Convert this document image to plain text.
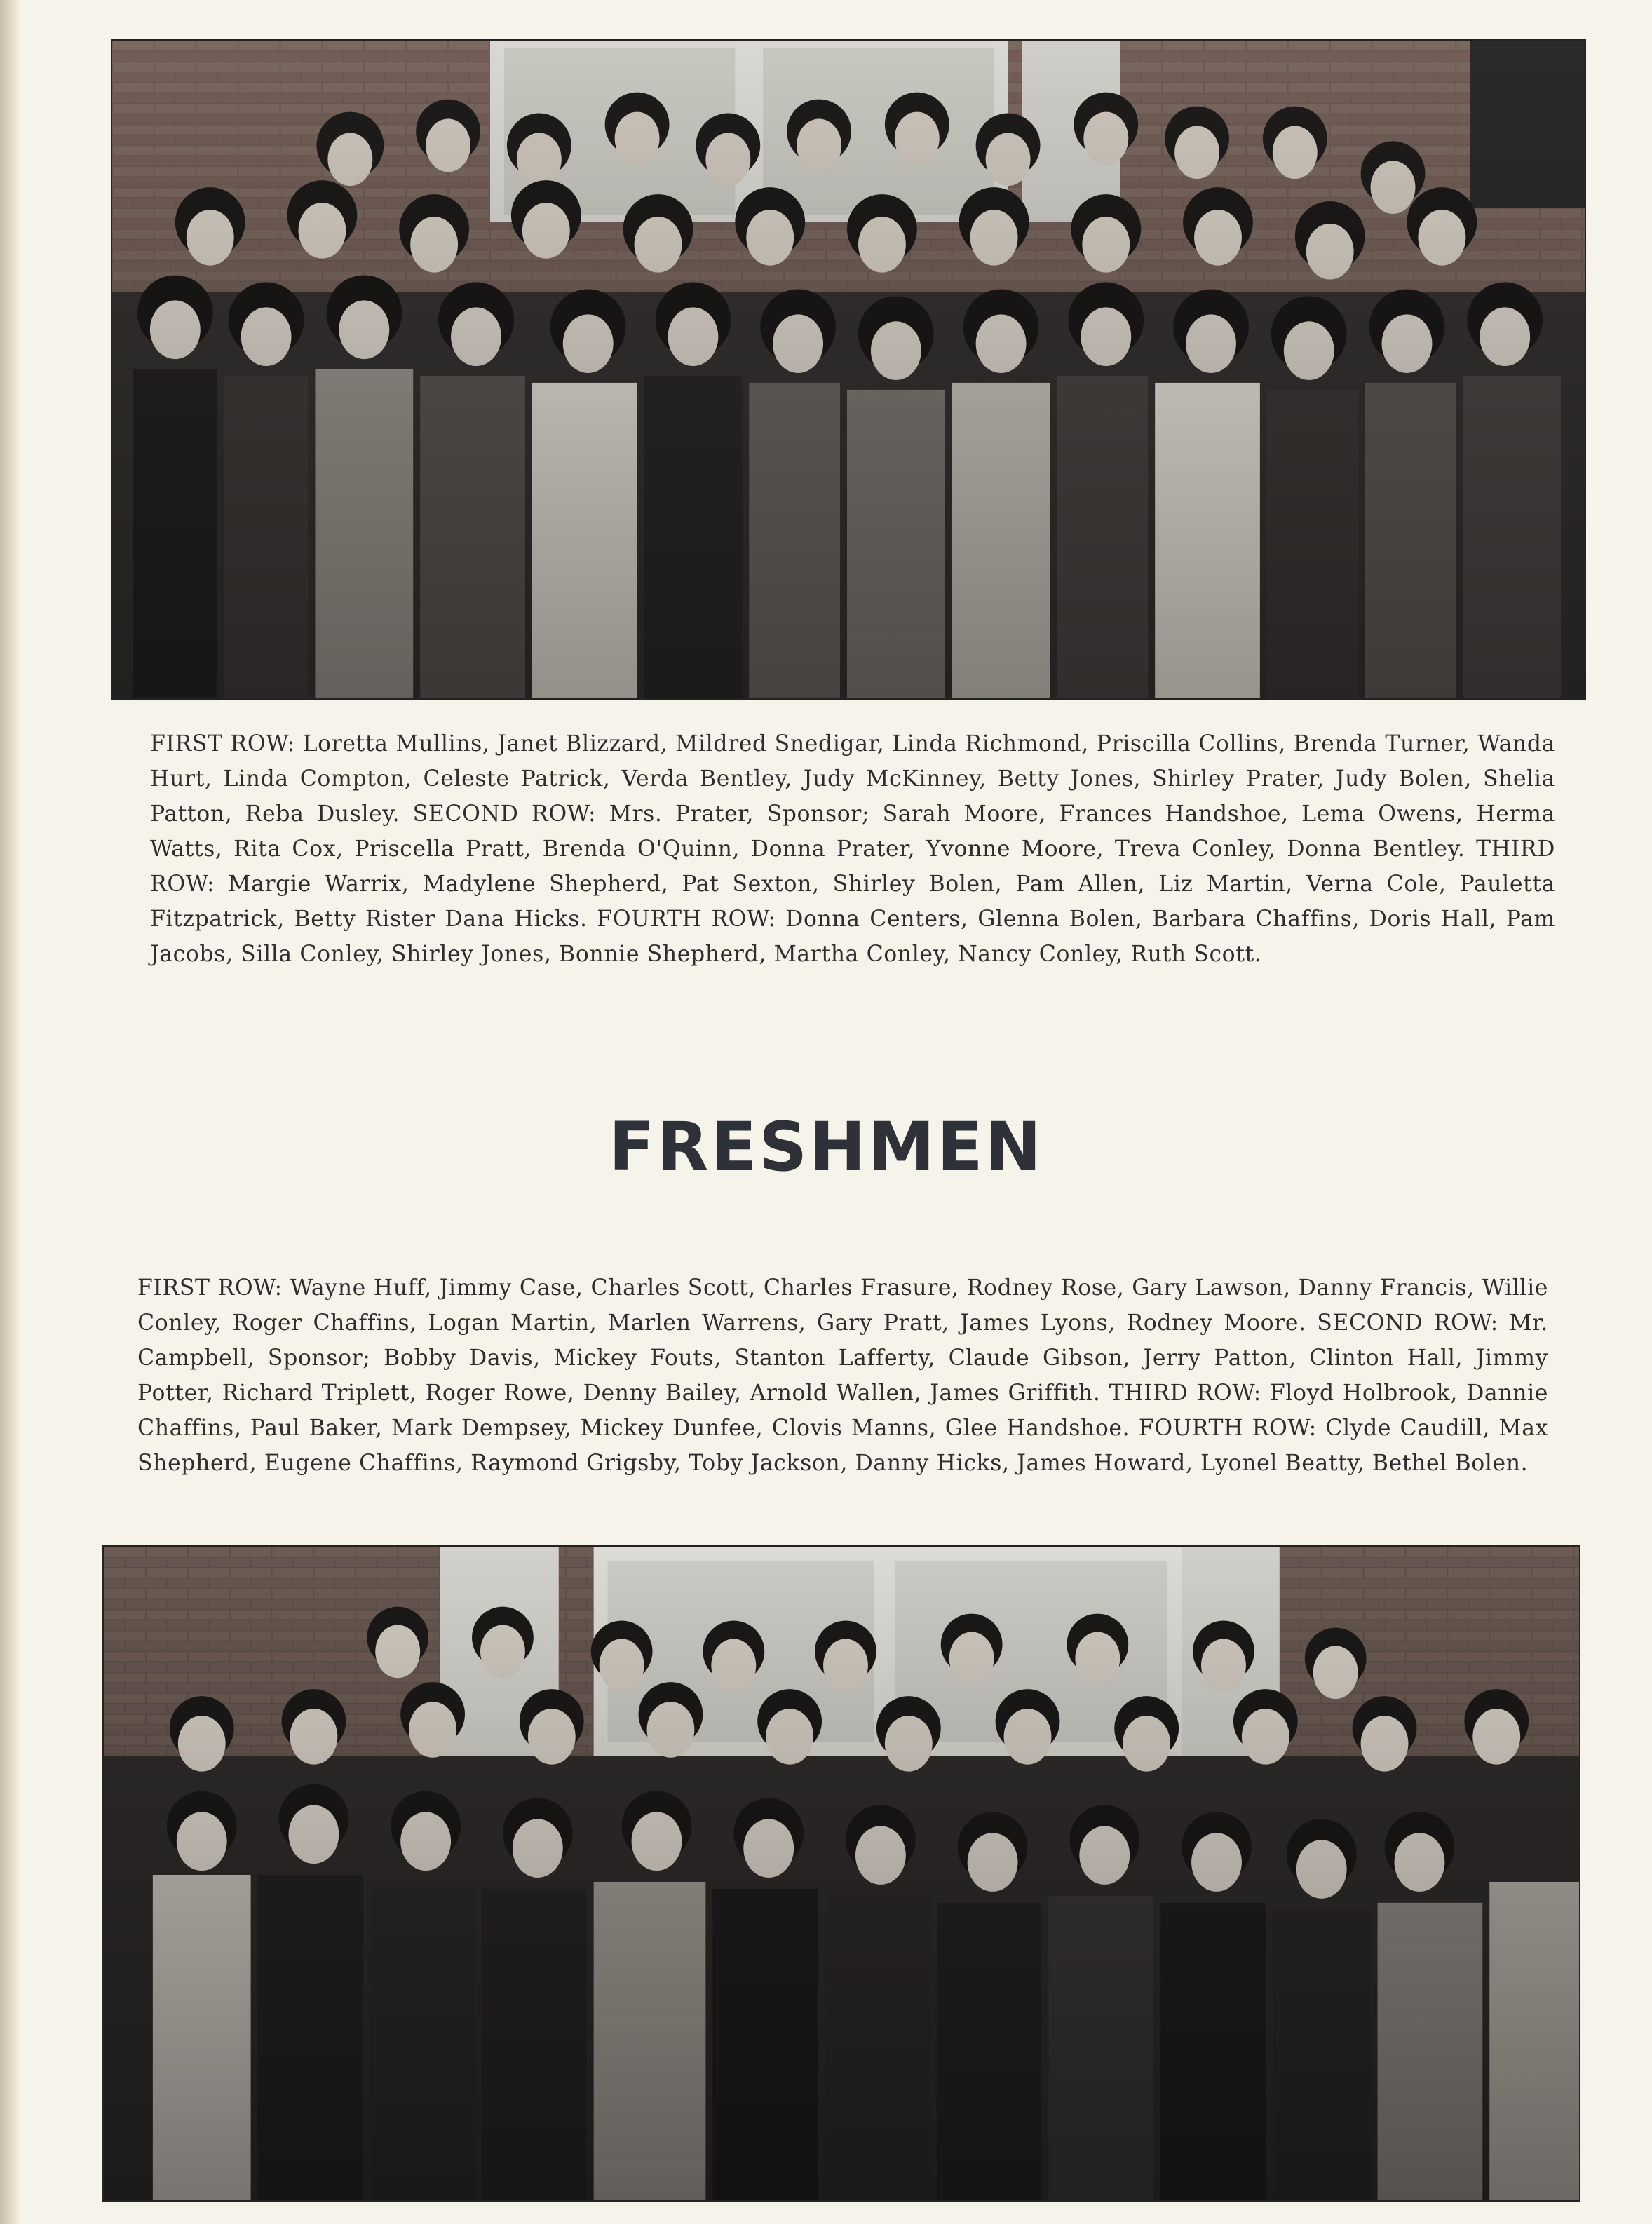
FIRST ROW: Loretta Mullins, Janet Blizzard, Mildred Snedigar, Linda Richmond, Priscilla Collins, Brenda Turner, Wanda Hurt, Linda Compton, Celeste Patrick, Verda Bentley, Judy McKinney, Betty Jones, Shirley Prater, Judy Bolen, Shelia Patton, Reba Dusley. SECOND ROW: Mrs. Prater, Sponsor; Sarah Moore, Frances Handshoe, Lema Owens, Herma Watts, Rita Cox, Priscella Pratt, Brenda O'Quinn, Donna Prater, Yvonne Moore, Treva Conley, Donna Bentley. THIRD ROW: Margie Warrix, Madylene Shepherd, Pat Sexton, Shirley Bolen, Pam Allen, Liz Martin, Verna Cole, Pauletta Fitzpatrick, Betty Rister Dana Hicks. FOURTH ROW: Donna Centers, Glenna Bolen, Barbara Chaffins, Doris Hall, Pam Jacobs, Silla Conley, Shirley Jones, Bonnie Shepherd, Martha Conley, Nancy Conley, Ruth Scott.

FRESHMEN

FIRST ROW: Wayne Huff, Jimmy Case, Charles Scott, Charles Frasure, Rodney Rose, Gary Lawson, Danny Francis, Willie Conley, Roger Chaffins, Logan Martin, Marlen Warrens, Gary Pratt, James Lyons, Rodney Moore. SECOND ROW: Mr. Campbell, Sponsor; Bobby Davis, Mickey Fouts, Stanton Lafferty, Claude Gibson, Jerry Patton, Clinton Hall, Jimmy Potter, Richard Triplett, Roger Rowe, Denny Bailey, Arnold Wallen, James Griffith. THIRD ROW: Floyd Holbrook, Dannie Chaffins, Paul Baker, Mark Dempsey, Mickey Dunfee, Clovis Manns, Glee Handshoe. FOURTH ROW: Clyde Caudill, Max Shepherd, Eugene Chaffins, Raymond Grigsby, Toby Jackson, Danny Hicks, James Howard, Lyonel Beatty, Bethel Bolen.
